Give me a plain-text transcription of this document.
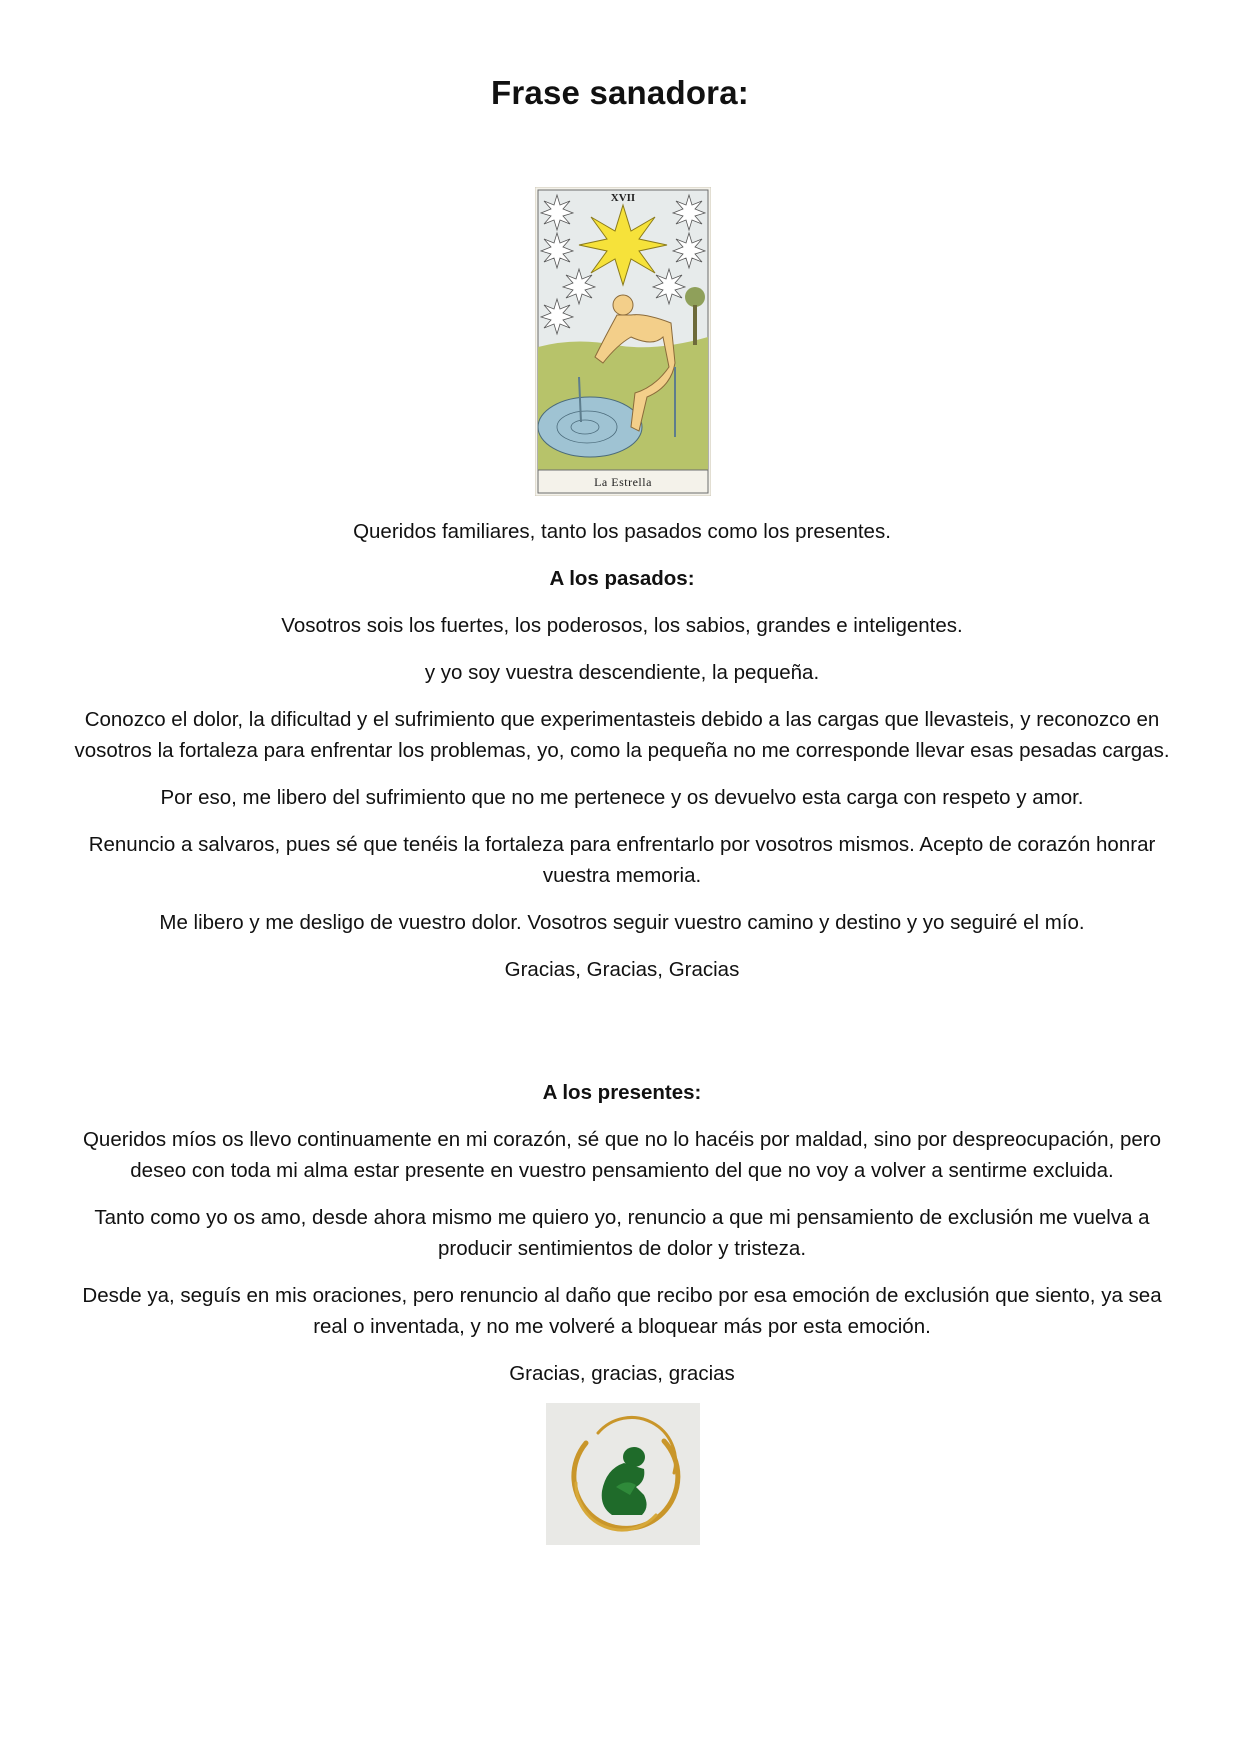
Frase sanadora:
XVII
La Estrella

Queridos familiares, tanto los pasados como los presentes.

A los pasados:

Vosotros sois los fuertes, los poderosos, los sabios, grandes e inteligentes.

y yo soy vuestra descendiente, la pequeña.

Conozco el dolor, la dificultad y el sufrimiento que experimentasteis debido a las cargas que llevasteis, y reconozco en vosotros la fortaleza para enfrentar los problemas, yo, como la pequeña no me corresponde llevar esas pesadas cargas.

Por eso, me libero del sufrimiento que no me pertenece y os devuelvo esta carga con respeto y amor.

Renuncio a salvaros, pues sé que tenéis la fortaleza para enfrentarlo por vosotros mismos. Acepto de corazón honrar vuestra memoria.

Me libero y me desligo de vuestro dolor. Vosotros seguir vuestro camino y destino y yo seguiré el mío.

Gracias, Gracias, Gracias

A los presentes:

Queridos míos os llevo continuamente en mi corazón, sé que no lo hacéis por maldad, sino por despreocupación, pero deseo con toda mi alma estar presente en vuestro pensamiento del que no voy a volver a sentirme excluida.

Tanto como yo os amo, desde ahora mismo me quiero yo, renuncio a que mi pensamiento de exclusión me vuelva a producir sentimientos de dolor y tristeza.

Desde ya, seguís en mis oraciones, pero renuncio al daño que recibo por esa emoción de exclusión que siento, ya sea real o inventada, y no me volveré a bloquear más por esta emoción.

Gracias, gracias, gracias
